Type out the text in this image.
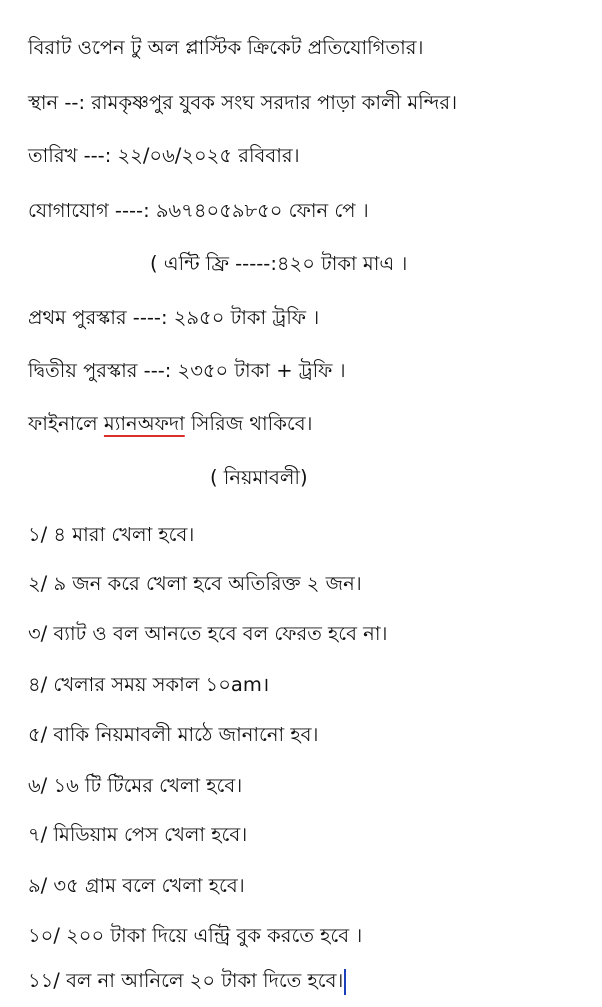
বিরাট ওপেন টু অল প্লাস্টিক ক্রিকেট প্রতিযোগিতার।
স্থান --: রামকৃষ্ণপুর যুবক সংঘ সরদার পাড়া কালী মন্দির।
তারিখ ---: ২২/০৬/২০২৫ রবিবার।
যোগাযোগ ----: ৯৬৭৪০৫৯৮৫০ ফোন পে ।
( এন্টি ফ্রি -----:৪২০ টাকা মাএ ।
প্রথম পুরস্কার ----: ২৯৫০ টাকা ট্রফি ।
দ্বিতীয় পুরস্কার ---: ২৩৫০ টাকা + ট্রফি ।
ফাইনালে ম্যানঅফদা সিরিজ থাকিবে।
( নিয়মাবলী)
১/ ৪ মারা খেলা হবে।
২/ ৯ জন করে খেলা হবে অতিরিক্ত ২ জন।
৩/ ব্যাট ও বল আনতে হবে বল ফেরত হবে না।
৪/ খেলার সময় সকাল ১০am।
৫/ বাকি নিয়মাবলী মাঠে জানানো হব।
৬/ ১৬ টি টিমের খেলা হবে।
৭/ মিডিয়াম পেস খেলা হবে।
৯/ ৩৫ গ্রাম বলে খেলা হবে।
১০/ ২০০ টাকা দিয়ে এন্ট্রি বুক করতে হবে ।
১১/ বল না আনিলে ২০ টাকা দিতে হবে।
